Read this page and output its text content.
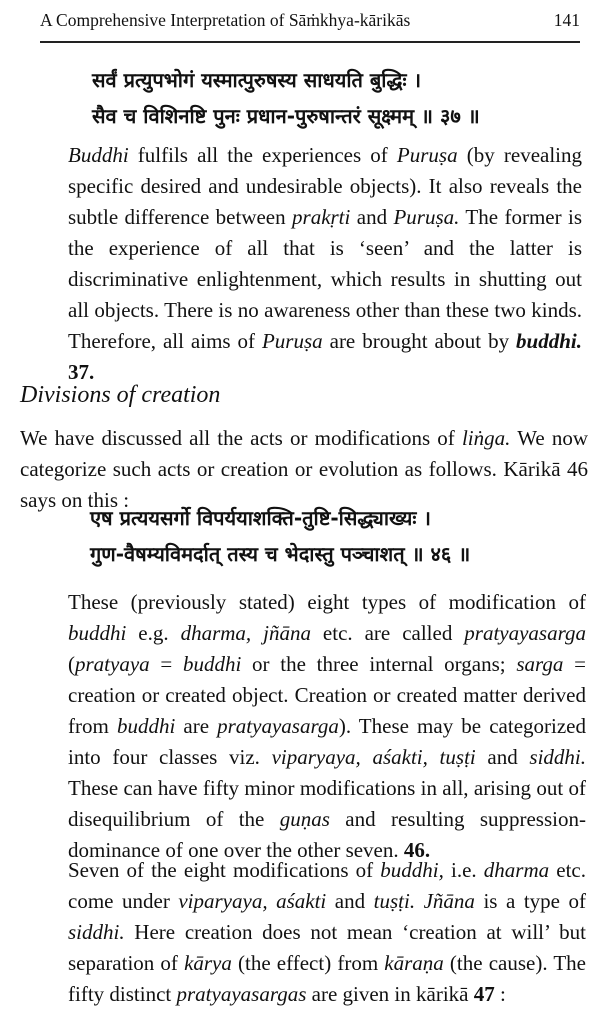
A Comprehensive Interpretation of Sāṁkhya-kārikās	141
सर्वं प्रत्युपभोगं यस्मात्पुरुषस्य साधयति बुद्धिः ।
सैव च विशिनष्टि पुनः प्रधान-पुरुषान्तरं सूक्ष्मम् ॥ ३७ ॥
Buddhi fulfils all the experiences of Puruṣa (by revealing specific desired and undesirable objects). It also reveals the subtle difference between prakṛti and Puruṣa. The former is the experience of all that is ‘seen’ and the latter is discriminative enlightenment, which results in shutting out all objects. There is no awareness other than these two kinds. Therefore, all aims of Puruṣa are brought about by buddhi. 37.
Divisions of creation
We have discussed all the acts or modifications of liṅga. We now categorize such acts or creation or evolution as follows. Kārikā 46 says on this :
एष प्रत्ययसर्गो विपर्ययाशक्ति-तुष्टि-सिद्ध्याख्यः ।
गुण-वैषम्यविमर्दात् तस्य च भेदास्तु पञ्चाशत् ॥ ४६ ॥
These (previously stated) eight types of modification of buddhi e.g. dharma, jñāna etc. are called pratyayasarga (pratyaya = buddhi or the three internal organs; sarga = creation or created object. Creation or created matter derived from buddhi are pratyayasarga). These may be categorized into four classes viz. viparyaya, aśakti, tuṣṭi and siddhi. These can have fifty minor modifications in all, arising out of disequilibrium of the guṇas and resulting suppression-dominance of one over the other seven. 46.
Seven of the eight modifications of buddhi, i.e. dharma etc. come under viparyaya, aśakti and tuṣṭi. Jñāna is a type of siddhi. Here creation does not mean ‘creation at will’ but separation of kārya (the effect) from kāraṇa (the cause). The fifty distinct pratyayasargas are given in kārikā 47 :
